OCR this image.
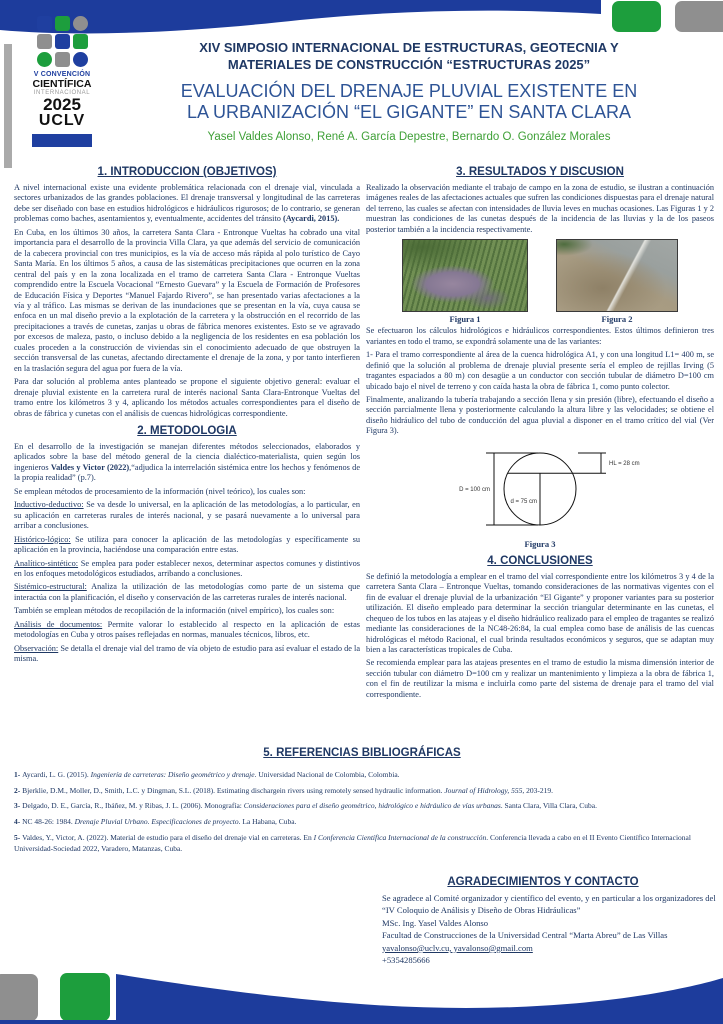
V CONVENCIÓN
CIENTÍFICA
INTERNACIONAL
2025
UCLV
XIV SIMPOSIO INTERNACIONAL DE ESTRUCTURAS, GEOTECNIA Y MATERIALES DE CONSTRUCCIÓN “ESTRUCTURAS 2025”
EVALUACIÓN DEL DRENAJE PLUVIAL EXISTENTE EN LA URBANIZACIÓN “EL GIGANTE” EN SANTA CLARA
Yasel Valdes Alonso, René A. García Depestre, Bernardo O. González Morales
1. INTRODUCCION (OBJETIVOS)

A nivel internacional existe una evidente problemática relacionada con el drenaje vial, vinculada a sectores urbanizados de las grandes poblaciones. El drenaje transversal y longitudinal de las carreteras debe ser diseñado con base en estudios hidrológicos e hidráulicos rigurosos; de lo contrario, se generan problemas como baches, asentamientos y, eventualmente, accidentes del tránsito (Aycardi, 2015).

En Cuba, en los últimos 30 años, la carretera Santa Clara - Entronque Vueltas ha cobrado una vital importancia para el desarrollo de la provincia Villa Clara, ya que además del servicio de comunicación de la cabecera provincial con tres municipios, es la vía de acceso más rápida al polo turístico de Cayo Santa María. En los últimos 5 años, a causa de las sistemáticas precipitaciones que ocurren en la zona central del país y en la zona localizada en el tramo de carretera Santa Clara - Entronque Vueltas comprendido entre la Escuela Vocacional “Ernesto Guevara” y la Escuela de Formación de Profesores de Educación Física y Deportes “Manuel Fajardo Rivero”, se han presentado varias afectaciones a la vía y al tráfico. Las mismas se derivan de las inundaciones que se presentan en la vía, cuya causa se enfoca en un mal diseño previo a la explotación de la carretera y la obstrucción en el recorrido de las precipitaciones a través de cunetas, zanjas u obras de fábrica menores existentes. Esto se ve agravado por excesos de maleza, pasto, o incluso debido a la negligencia de los residentes en esa población los cuales proceden a la construcción de viviendas sin el conocimiento adecuado de que obstruyen la sección transversal de las cunetas, afectando directamente el drenaje de la zona, y por tanto interfieren en la traslación segura del agua por fuera de la vía.

Para dar solución al problema antes planteado se propone el siguiente objetivo general: evaluar el drenaje pluvial existente en la carretera rural de interés nacional Santa Clara-Entronque Vueltas del tramo entre los kilómetros 3 y 4, aplicando los métodos actuales correspondientes para el diseño de obras de fábrica y cunetas con el análisis de cuencas hidrológicas correspondiente.

2. METODOLOGIA

En el desarrollo de la investigación se manejan diferentes métodos seleccionados, elaborados y aplicados sobre la base del método general de la ciencia dialéctico-materialista, quien según los ingenieros Valdes y Victor (2022),“adjudica la interrelación sistémica entre los hechos y fenómenos de la propia realidad” (p.7).

Se emplean métodos de procesamiento de la información (nivel teórico), los cuales son:

Inductivo-deductivo: Se va desde lo universal, en la aplicación de las metodologías, a lo particular, en su aplicación en carreteras rurales de interés nacional, y se pasará nuevamente a lo universal para arribar a conclusiones.

Histórico-lógico: Se utiliza para conocer la aplicación de las metodologías y específicamente su aplicación en la provincia, haciéndose una comparación entre estas.

Analítico-sintético: Se emplea para poder establecer nexos, determinar aspectos comunes y distintivos en los enfoques metodológicos estudiados, arribando a conclusiones.

Sistémico-estructural: Analiza la utilización de las metodologías como parte de un sistema que interactúa con la planificación, el diseño y conservación de las carreteras rurales de interés nacional.

También se emplean métodos de recopilación de la información (nivel empírico), los cuales son:

Análisis de documentos: Permite valorar lo establecido al respecto en la aplicación de estas metodologías en Cuba y otros países reflejadas en normas, manuales técnicos, libros, etc.

Observación: Se detalla el drenaje vial del tramo de vía objeto de estudio para así evaluar el estado de la misma.

3. RESULTADOS Y DISCUSION

Realizado la observación mediante el trabajo de campo en la zona de estudio, se ilustran a continuación imágenes reales de las afectaciones actuales que sufren las condiciones dispuestas para el drenaje natural del terreno, las cuales se afectan con intensidades de lluvia leves en muchas ocasiones. Las Figuras 1 y 2 muestran las condiciones de las cunetas después de la incidencia de las lluvias y la de los paseos posterior también a la incidencia respectivamente.

Figura 1	Figura 2

Se efectuaron los cálculos hidrológicos e hidráulicos correspondientes. Estos últimos definieron tres variantes en todo el tramo, se expondrá solamente una de las variantes:

1- Para el tramo correspondiente al área de la cuenca hidrológica A1, y con una longitud L1= 400 m, se definió que la solución al problema de drenaje pluvial presente sería el empleo de rejillas Irving (5 tragantes espaciados a 80 m) con desagüe a un conductor con sección tubular de diámetro D=100 cm ubicado bajo el nivel de terreno y con caída hasta la obra de fábrica 1, como punto colector.

Finalmente, analizando la tubería trabajando a sección llena y sin presión (libre), efectuando el diseño a sección parcialmente llena y posteriormente calculando la altura libre y las velocidades; se obtiene el diseño hidráulico del tubo de conducción del agua pluvial a disponer en el tramo crítico del vial (Ver Figura 3).

D = 100 cm
HL = 28 cm
d = 75 cm
Figura 3
4. CONCLUSIONES

Se definió la metodología a emplear en el tramo del vial correspondiente entre los kilómetros 3 y 4 de la carretera Santa Clara – Entronque Vueltas, tomando consideraciones de las normativas vigentes con el fin de evaluar el drenaje pluvial de la urbanización “El Gigante” y proponer variantes para su posterior utilización. El diseño empleado para determinar la sección triangular determinante en las cunetas, el chequeo de los tubos en las atajeas y el diseño hidráulico realizado para el empleo de tragantes se realizó mediante las consideraciones de la NC48-26:84, la cual emplea como base de análisis de las cuencas hidrológicas el método Racional, el cual brinda resultados económicos y seguros, que se adaptan muy bien a las características tropicales de Cuba.

Se recomienda emplear para las atajeas presentes en el tramo de estudio la misma dimensión interior de sección tubular con diámetro D=100 cm y realizar un mantenimiento y limpieza a la obra de fábrica 1, con el fin de reutilizar la misma e incluirla como parte del sistema de drenaje para el tramo del vial correspondiente.

5. REFERENCIAS BIBLIOGRÁFICAS

1- Aycardi, L. G. (2015). Ingeniería de carreteras: Diseño geométrico y drenaje. Universidad Nacional de Colombia, Colombia.

2- Bjerklie, D.M., Moller, D., Smith, L.C. y Dingman, S.L. (2018). Estimating dischargein rivers using remotely sensed hydraulic information. Journal of Hidrology, 555, 203-219.

3- Delgado, D. E., García, R., Ibáñez, M. y Ribas, J. L. (2006). Monografía: Consideraciones para el diseño geométrico, hidrológico e hidráulico de vías urbanas. Santa Clara, Villa Clara, Cuba.

4- NC 48-26: 1984. Drenaje Pluvial Urbano. Especificaciones de proyecto. La Habana, Cuba.

5- Valdes, Y., Victor, A. (2022). Material de estudio para el diseño del drenaje vial en carreteras. En I Conferencia Científica Internacional de la construcción. Conferencia llevada a cabo en el II Evento Científico Internacional Universidad-Sociedad 2022, Varadero, Matanzas, Cuba.

AGRADECIMIENTOS Y CONTACTO
Se agradece al Comité organizador y científico del evento, y en particular a los organizadores del “IV Coloquio de Análisis y Diseño de Obras Hidráulicas”
MSc. Ing. Yasel Valdes Alonso
Facultad de Construcciones de la Universidad Central “Marta Abreu” de Las Villas
yavalonso@uclv.cu, yavalonso@gmail.com
+5354285666
